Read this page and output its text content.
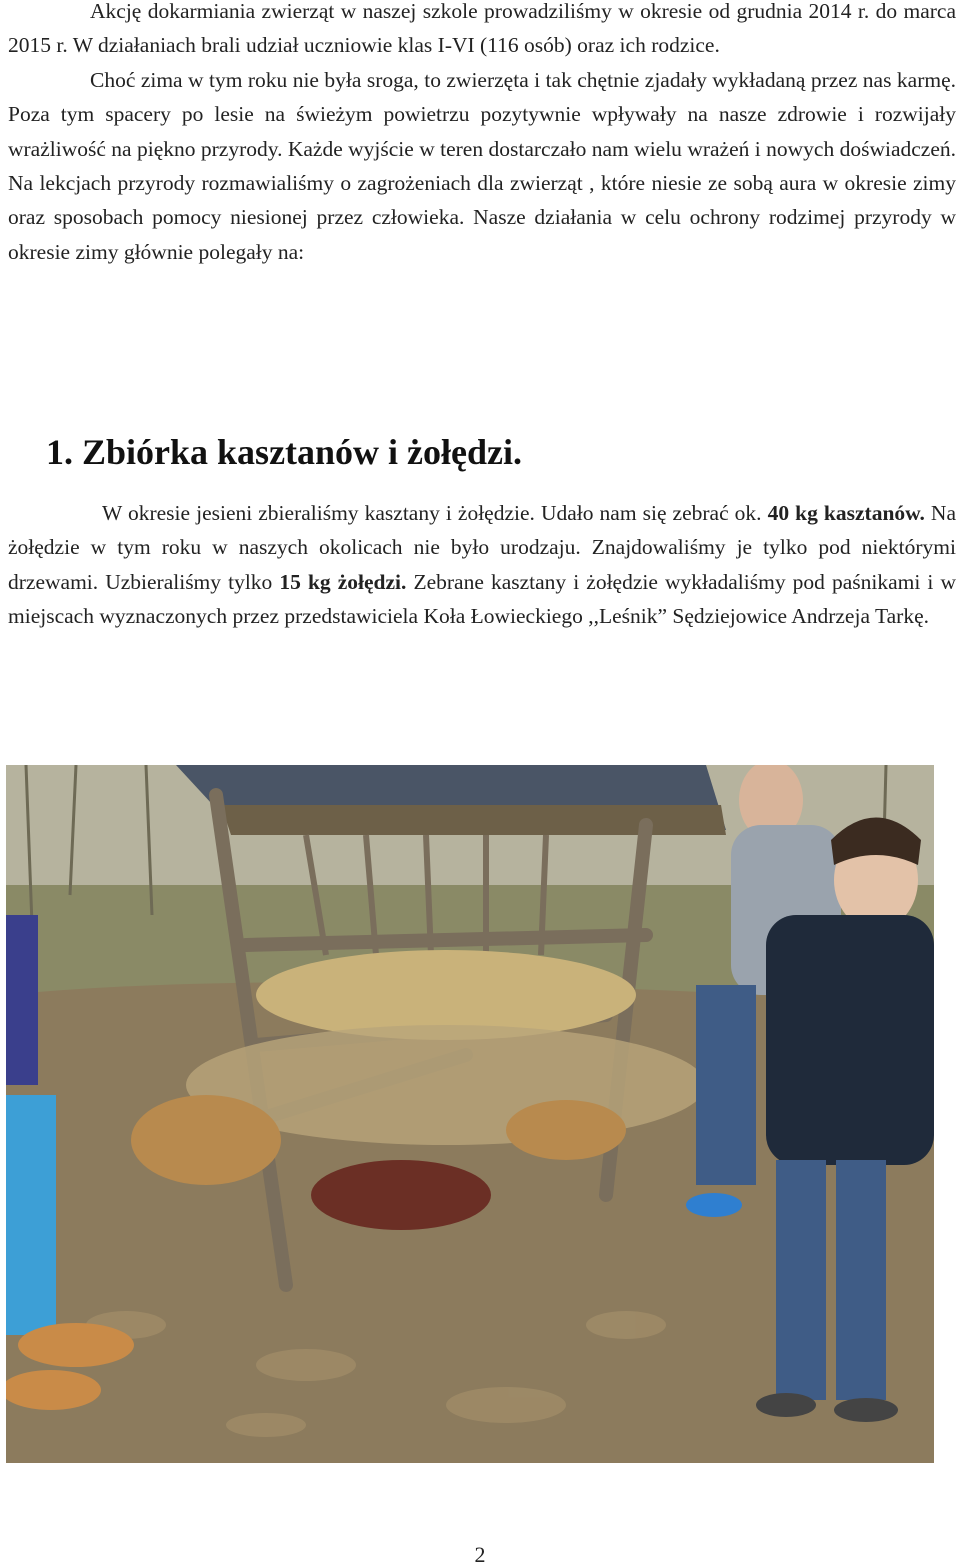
Akcję dokarmiania zwierząt w naszej szkole prowadziliśmy w okresie od grudnia 2014 r. do marca 2015 r. W działaniach brali udział uczniowie klas I-VI (116 osób) oraz ich rodzice.
Choć zima w tym roku nie była sroga, to zwierzęta i tak chętnie zjadały wykładaną przez nas karmę. Poza tym spacery po lesie na świeżym powietrzu pozytywnie wpływały na nasze zdrowie i rozwijały wrażliwość na piękno przyrody. Każde wyjście w teren dostarczało nam wielu wrażeń i nowych doświadczeń. Na lekcjach przyrody rozmawialiśmy o zagrożeniach dla zwierząt , które niesie ze sobą aura w okresie zimy oraz sposobach pomocy niesionej przez człowieka. Nasze działania w celu ochrony rodzimej przyrody w okresie zimy głównie polegały na:

1. Zbiórka kasztanów i żołędzi.

W okresie jesieni zbieraliśmy kasztany i żołędzie. Udało nam się zebrać ok. 40 kg kasztanów. Na żołędzie w tym roku w naszych okolicach nie było urodzaju. Znajdowaliśmy je tylko pod niektórymi drzewami. Uzbieraliśmy tylko 15 kg żołędzi. Zebrane kasztany i żołędzie wykładaliśmy pod paśnikami i w miejscach wyznaczonych przez przedstawiciela Koła Łowieckiego ,,Leśnik” Sędziejowice Andrzeja Tarkę.

2
